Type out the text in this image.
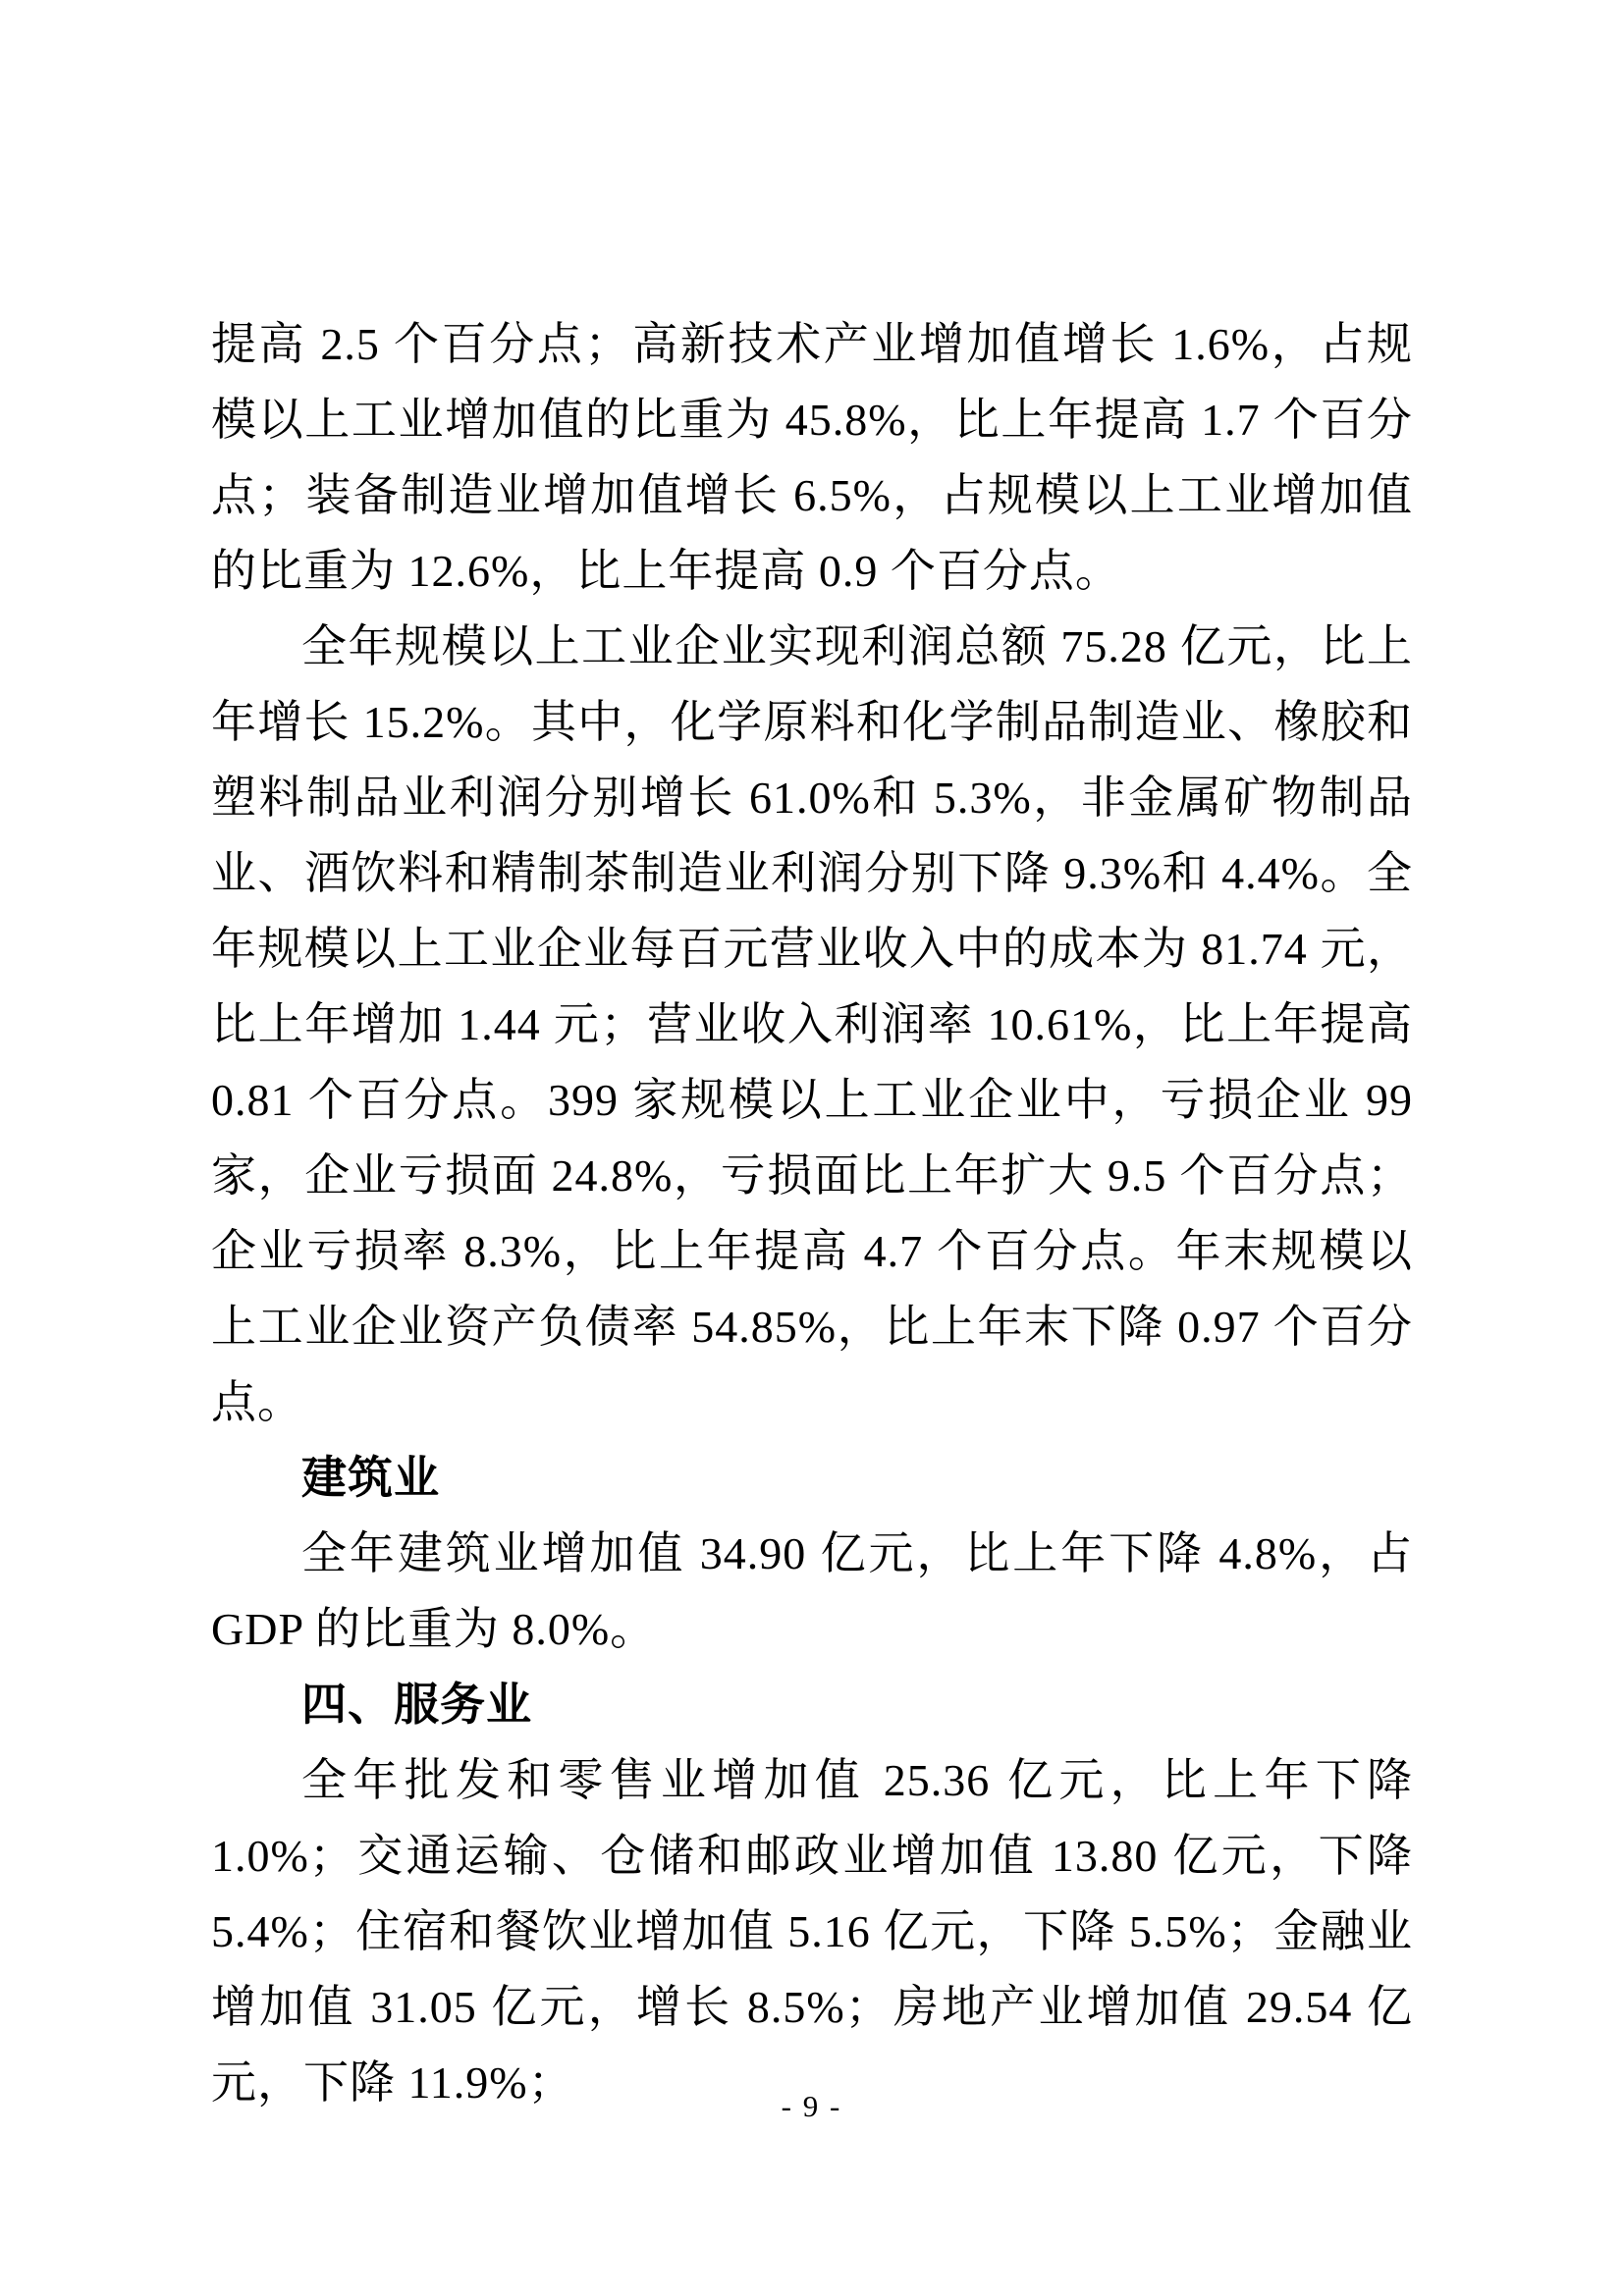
提高 2.5 个百分点；高新技术产业增加值增长 1.6%，占规模以上工业增加值的比重为 45.8%，比上年提高 1.7 个百分点；装备制造业增加值增长 6.5%，占规模以上工业增加值的比重为 12.6%，比上年提高 0.9 个百分点。

全年规模以上工业企业实现利润总额 75.28 亿元，比上年增长 15.2%。其中，化学原料和化学制品制造业、橡胶和塑料制品业利润分别增长 61.0%和 5.3%，非金属矿物制品业、酒饮料和精制茶制造业利润分别下降 9.3%和 4.4%。全年规模以上工业企业每百元营业收入中的成本为 81.74 元，比上年增加 1.44 元；营业收入利润率 10.61%，比上年提高 0.81 个百分点。399 家规模以上工业企业中，亏损企业 99 家，企业亏损面 24.8%，亏损面比上年扩大 9.5 个百分点；企业亏损率 8.3%，比上年提高 4.7 个百分点。年末规模以上工业企业资产负债率 54.85%，比上年末下降 0.97 个百分点。

建筑业

全年建筑业增加值 34.90 亿元，比上年下降 4.8%，占 GDP 的比重为 8.0%。

四、服务业

全年批发和零售业增加值 25.36 亿元，比上年下降 1.0%；交通运输、仓储和邮政业增加值 13.80 亿元，下降 5.4%；住宿和餐饮业增加值 5.16 亿元，下降 5.5%；金融业增加值 31.05 亿元，增长 8.5%；房地产业增加值 29.54 亿元，下降 11.9%；	- 9 -
